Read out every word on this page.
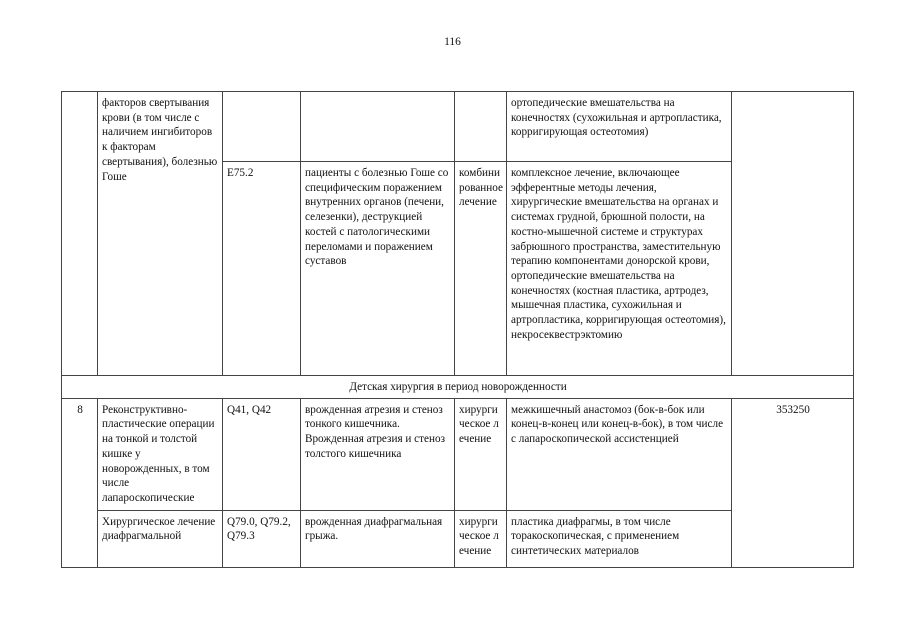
116
	факторов свертывания крови (в том числе с наличием ингибиторов к факторам свертывания), болезнью Гоше				ортопедические вмешательства на конечностях (сухожильная и артропластика, корригирующая остеотомия)	
		E75.2	пациенты с болезнью Гоше со специфическим поражением внутренних органов (печени, селезенки), деструкцией костей с патологическими переломами и поражением суставов	комбинированное лечение	комплексное лечение, включающее эфферентные методы лечения, хирургические вмешательства на органах и системах грудной, брюшной полости, на костно-мышечной системе и структурах забрюшного пространства, заместительную терапию компонентами донорской крови, ортопедические вмешательства на конечностях (костная пластика, артродез, мышечная пластика, сухожильная и артропластика, корригирующая остеотомия), некросеквестрэктомию	
Детская хирургия в период новорожденности						
8	Реконструктивно-пластические операции на тонкой и толстой кишке у новорожденных, в том числе лапароскопические	Q41, Q42	врожденная атрезия и стеноз тонкого кишечника. Врожденная атрезия и стеноз толстого кишечника	хирургическое лечение	межкишечный анастомоз (бок-в-бок или конец-в-конец или конец-в-бок), в том числе с лапароскопической ассистенцией	353250
	Хирургическое лечение диафрагмальной	Q79.0, Q79.2, Q79.3	врожденная диафрагмальная грыжа.	хирургическое лечение	пластика диафрагмы, в том числе торакоскопическая, с применением синтетических материалов	
